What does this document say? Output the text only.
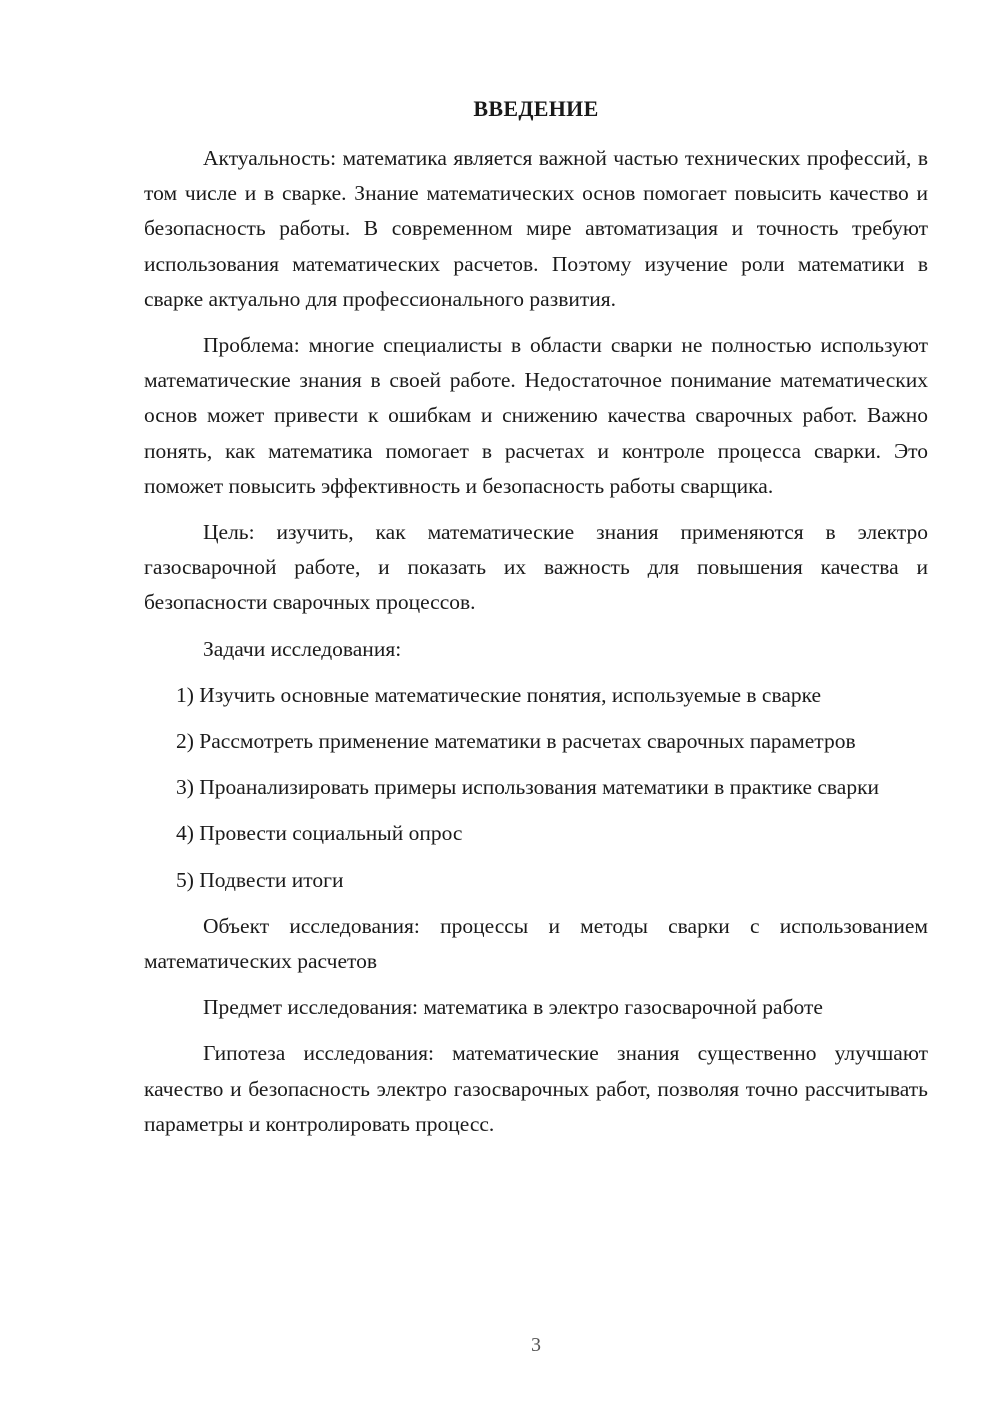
ВВЕДЕНИЕ

Актуальность: математика является важной частью технических профессий, в том числе и в сварке. Знание математических основ помогает повысить качество и безопасность работы. В современном мире автоматизация и точность требуют использования математических расчетов. Поэтому изучение роли математики в сварке актуально для профессионального развития.

Проблема: многие специалисты в области сварки не полностью используют математические знания в своей работе. Недостаточное понимание математических основ может привести к ошибкам и снижению качества сварочных работ. Важно понять, как математика помогает в расчетах и контроле процесса сварки. Это поможет повысить эффективность и безопасность работы сварщика.

Цель: изучить, как математические знания применяются в электро газосварочной работе, и показать их важность для повышения качества и безопасности сварочных процессов.

Задачи исследования:

1) Изучить основные математические понятия, используемые в сварке

2) Рассмотреть применение математики в расчетах сварочных параметров

3) Проанализировать примеры использования математики в практике сварки

4) Провести социальный опрос

5) Подвести итоги

Объект исследования: процессы и методы сварки с использованием математических расчетов

Предмет исследования: математика в электро газосварочной работе

Гипотеза исследования: математические знания существенно улучшают качество и безопасность электро газосварочных работ, позволяя точно рассчитывать параметры и контролировать процесс.

3
